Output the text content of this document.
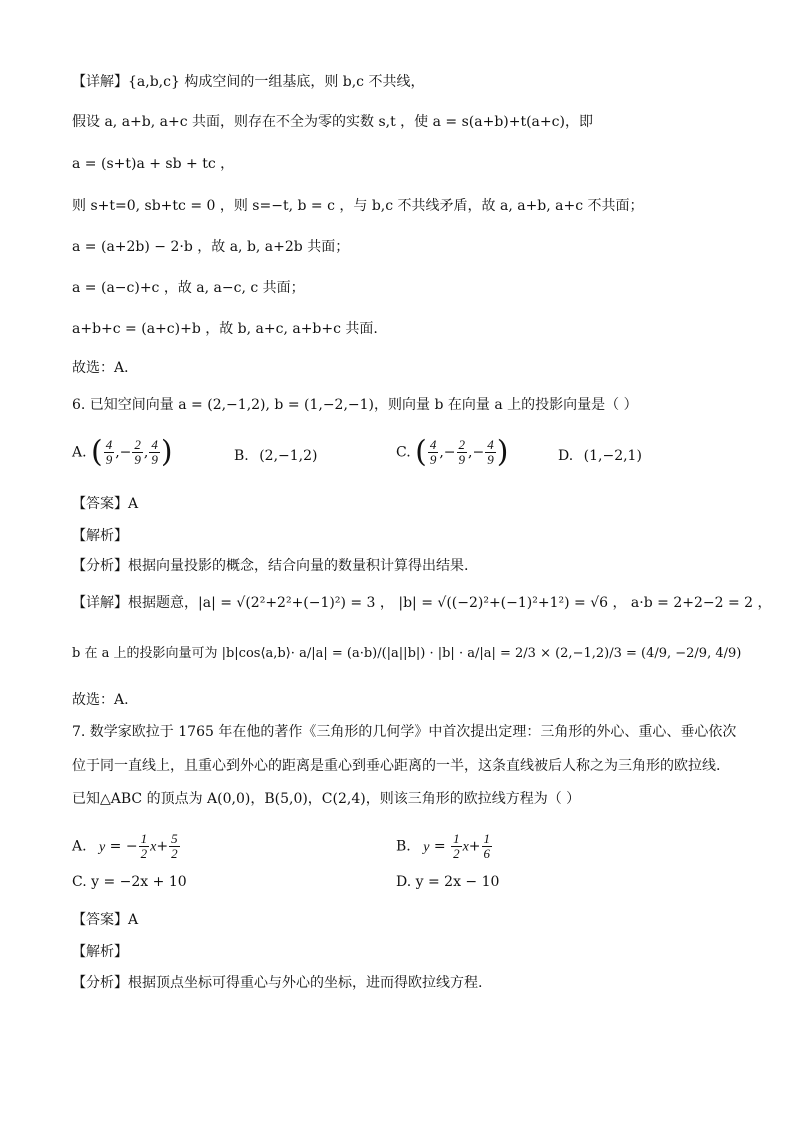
【详解】{a,b,c} 构成空间的一组基底，则 b,c 不共线，
假设 a, a+b, a+c 共面，则存在不全为零的实数 s,t ，使 a = s(a+b)+t(a+c)，即
a = (s+t)a + sb + tc ，
则 s+t=0, sb+tc = 0 ，则 s=−t, b = c ，与 b,c 不共线矛盾，故 a, a+b, a+c 不共面；
a = (a+2b) − 2·b ，故 a, b, a+2b 共面；
a = (a−c)+c ，故 a, a−c, c 共面；
a+b+c = (a+c)+b ，故 b, a+c, a+b+c 共面.
故选：A．
6. 已知空间向量 a = (2,−1,2), b = (1,−2,−1)，则向量 b 在向量 a 上的投影向量是（ ）
A. ( $\frac{4}{9}$ ,− $\frac{2}{9}$ , $\frac{4}{9}$ )	B. (2,−1,2)	C. ( $\frac{4}{9}$ ,− $\frac{2}{9}$ ,− $\frac{4}{9}$ )	D. (1,−2,1)
【答案】A
【解析】
【分析】根据向量投影的概念，结合向量的数量积计算得出结果.
【详解】根据题意，|a| = √(2²+2²+(−1)²) = 3 ， |b| = √((−2)²+(−1)²+1²) = √6 ， a·b = 2+2−2 = 2 ，
b 在 a 上的投影向量可为 |b|cos⟨a,b⟩· a/|a| = (a·b)/(|a||b|) · |b| · a/|a| = 2/3 × (2,−1,2)/3 = (4/9, −2/9, 4/9)
故选：A.
7. 数学家欧拉于 1765 年在他的著作《三角形的几何学》中首次提出定理：三角形的外心、重心、垂心依次
位于同一直线上，且重心到外心的距离是重心到垂心距离的一半，这条直线被后人称之为三角形的欧拉线.
已知△ABC 的顶点为 A(0,0)，B(5,0)，C(2,4)，则该三角形的欧拉线方程为（ ）
A. y = − $\frac{1}{2} x+ \frac{5}{2}$	B. $y = \frac{1}{2} x+ \frac{1}{6}$
C. y = −2x + 10	D. y = 2x − 10
【答案】A
【解析】
【分析】根据顶点坐标可得重心与外心的坐标，进而得欧拉线方程.
